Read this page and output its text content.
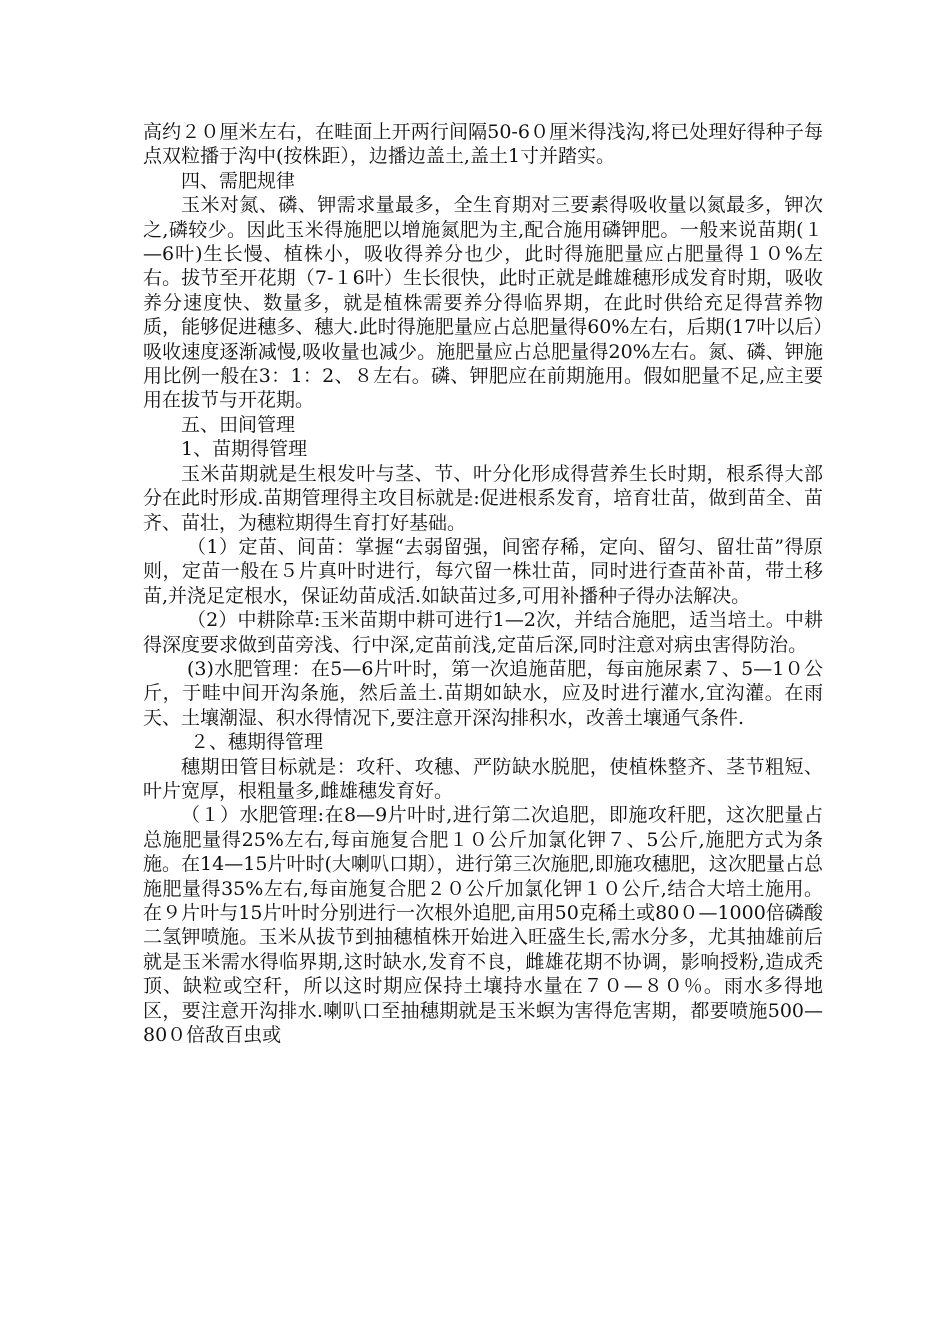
高约２０厘米左右，在畦面上开两行间隔50-6０厘米得浅沟,将已处理好得种子每点双粒播于沟中(按株距），边播边盖土,盖土1寸并踏实。

四、需肥规律

玉米对氮、磷、钾需求量最多，全生育期对三要素得吸收量以氮最多，钾次之,磷较少。因此玉米得施肥以增施氮肥为主,配合施用磷钾肥。一般来说苗期(１—6叶)生长慢、植株小，吸收得养分也少，此时得施肥量应占肥量得１０%左右。拔节至开花期（7-１6叶）生长很快，此时正就是雌雄穗形成发育时期，吸收养分速度快、数量多，就是植株需要养分得临界期，在此时供给充足得营养物质，能够促进穗多、穗大.此时得施肥量应占总肥量得60%左右，后期(17叶以后）吸收速度逐渐减慢,吸收量也减少。施肥量应占总肥量得20%左右。氮、磷、钾施用比例一般在3：1：2、８左右。磷、钾肥应在前期施用。假如肥量不足,应主要用在拔节与开花期。

五、田间管理

1、苗期得管理

玉米苗期就是生根发叶与茎、节、叶分化形成得营养生长时期，根系得大部分在此时形成.苗期管理得主攻目标就是:促进根系发育，培育壮苗，做到苗全、苗齐、苗壮，为穗粒期得生育打好基础。

（1）定苗、间苗：掌握“去弱留强，间密存稀，定向、留匀、留壮苗”得原则，定苗一般在５片真叶时进行，每穴留一株壮苗，同时进行查苗补苗，带土移苗,并浇足定根水，保证幼苗成活.如缺苗过多,可用补播种子得办法解决。

（2）中耕除草:玉米苗期中耕可进行1—2次，并结合施肥，适当培土。中耕得深度要求做到苗旁浅、行中深,定苗前浅,定苗后深,同时注意对病虫害得防治。

(3)水肥管理：在5—6片叶时，第一次追施苗肥，每亩施尿素７、5—1０公斤，于畦中间开沟条施，然后盖土.苗期如缺水，应及时进行灌水,宜沟灌。在雨天、土壤潮湿、积水得情况下,要注意开深沟排积水，改善土壤通气条件.

２、穗期得管理

穗期田管目标就是：攻秆、攻穗、严防缺水脱肥，使植株整齐、茎节粗短、叶片宽厚，根粗量多,雌雄穗发育好。

（１）水肥管理:在8—9片叶时,进行第二次追肥，即施攻秆肥，这次肥量占总施肥量得25%左右,每亩施复合肥１０公斤加氯化钾７、5公斤,施肥方式为条施。在14—15片叶时(大喇叭口期），进行第三次施肥,即施攻穗肥，这次肥量占总施肥量得35%左右,每亩施复合肥２０公斤加氯化钾１０公斤,结合大培土施用。在９片叶与15片叶时分别进行一次根外追肥,亩用50克稀土或80０—1000倍磷酸二氢钾喷施。玉米从拔节到抽穗植株开始进入旺盛生长,需水分多，尤其抽雄前后就是玉米需水得临界期,这时缺水,发育不良，雌雄花期不协调，影响授粉,造成秃顶、缺粒或空秆，所以这时期应保持土壤持水量在７０—８０％。雨水多得地区，要注意开沟排水.喇叭口至抽穗期就是玉米螟为害得危害期，都要喷施500—80０倍敌百虫或
